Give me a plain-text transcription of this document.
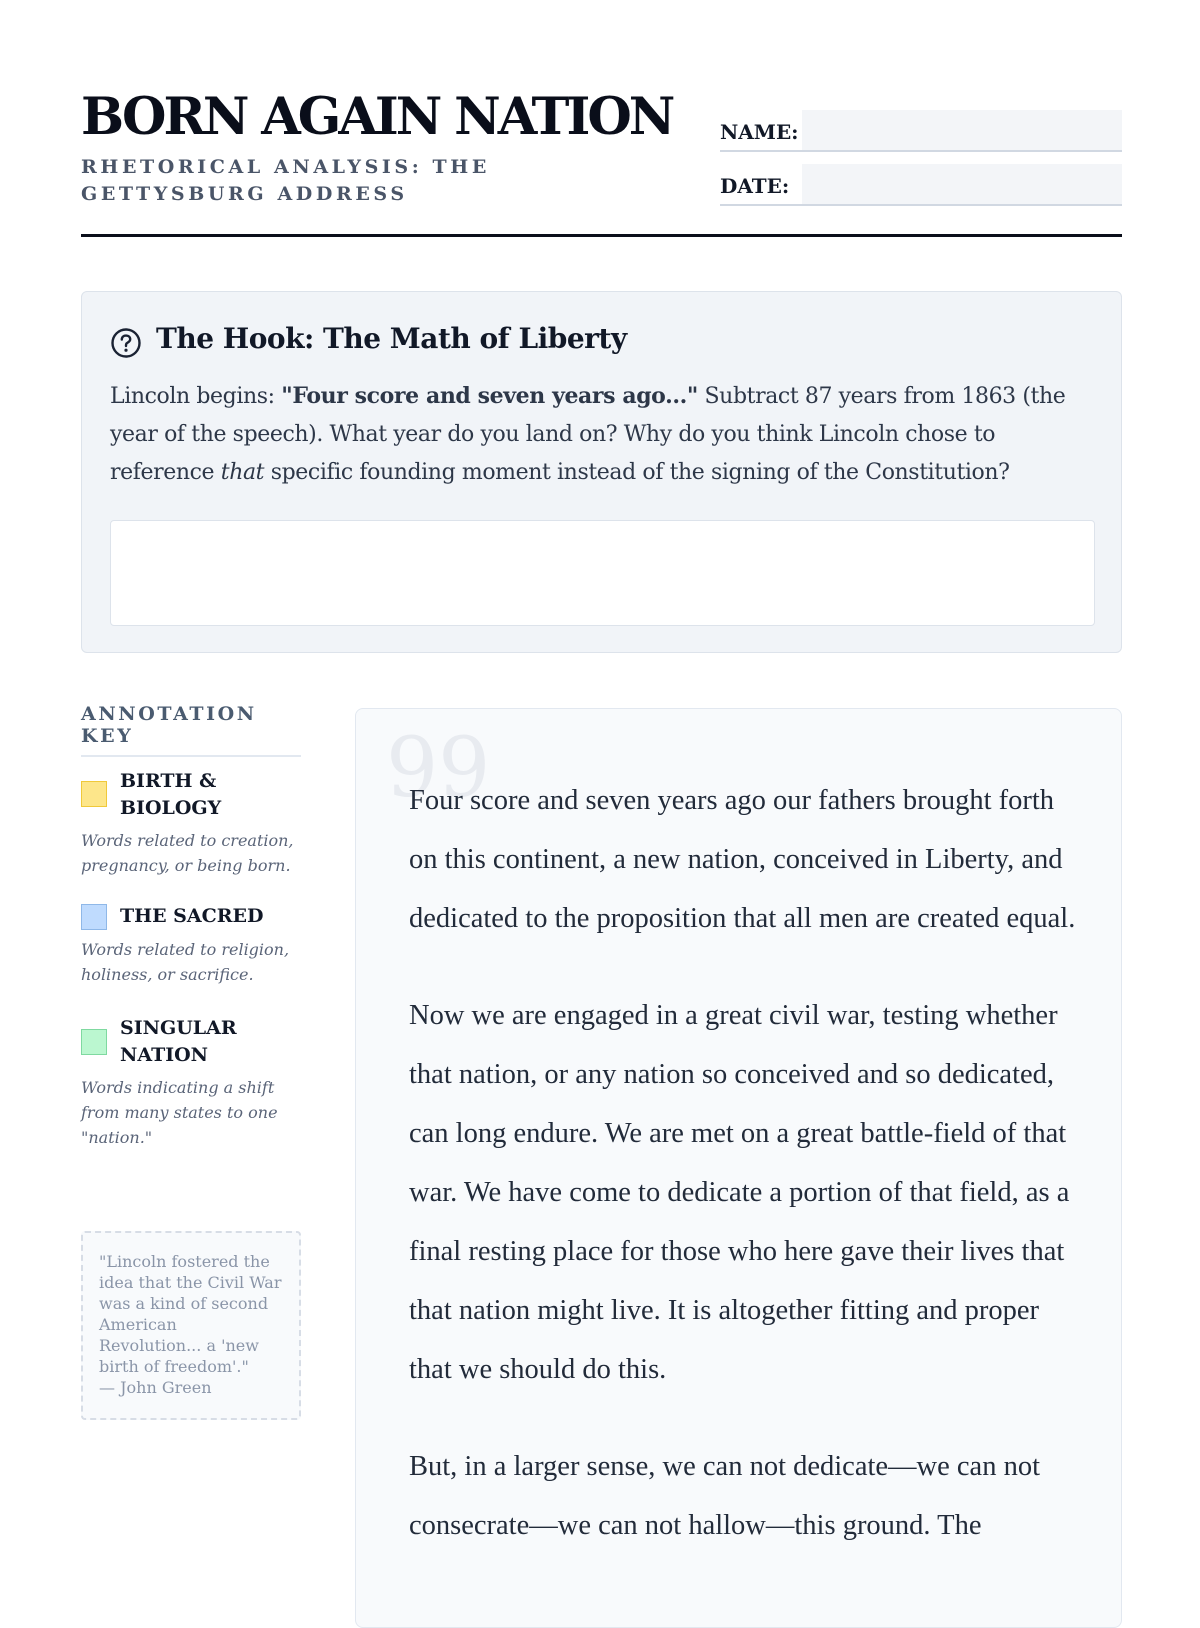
BORN AGAIN NATION

RHETORICAL ANALYSIS: THE GETTYSBURG ADDRESS

NAME:
DATE:
The Hook: The Math of Liberty

Lincoln begins: "Four score and seven years ago..." Subtract 87 years from 1863 (the year of the speech). What year do you land on? Why do you think Lincoln chose to reference that specific founding moment instead of the signing of the Constitution?

ANNOTATION KEY

BIRTH & BIOLOGY
Words related to creation, pregnancy, or being born.
THE SACRED
Words related to religion, holiness, or sacrifice.
SINGULAR NATION
Words indicating a shift from many states to one "nation."
"Lincoln fostered the idea that the Civil War was a kind of second American Revolution... a 'new birth of freedom'."
— John Green
99

Four score and seven years ago our fathers brought forth on this continent, a new nation, conceived in Liberty, and dedicated to the proposition that all men are created equal.

Now we are engaged in a great civil war, testing whether that nation, or any nation so conceived and so dedicated, can long endure. We are met on a great battle-field of that war. We have come to dedicate a portion of that field, as a final resting place for those who here gave their lives that that nation might live. It is altogether fitting and proper that we should do this.

But, in a larger sense, we can not dedicate—we can not consecrate—we can not hallow—this ground. The
